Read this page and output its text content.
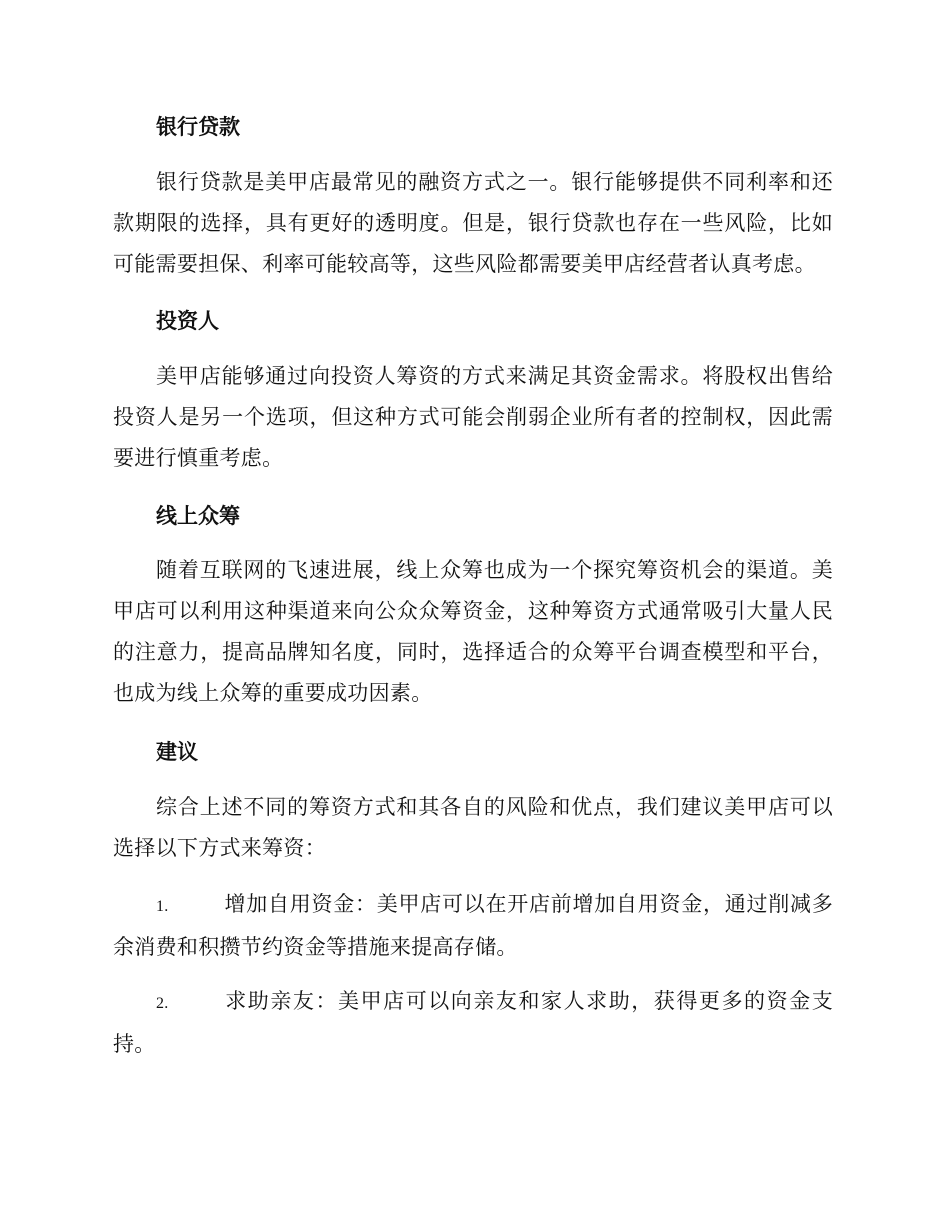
银行贷款

银行贷款是美甲店最常见的融资方式之一。银行能够提供不同利率和还款期限的选择，具有更好的透明度。但是，银行贷款也存在一些风险，比如可能需要担保、利率可能较高等，这些风险都需要美甲店经营者认真考虑。

投资人

美甲店能够通过向投资人筹资的方式来满足其资金需求。将股权出售给投资人是另一个选项，但这种方式可能会削弱企业所有者的控制权，因此需要进行慎重考虑。

线上众筹

随着互联网的飞速进展，线上众筹也成为一个探究筹资机会的渠道。美甲店可以利用这种渠道来向公众众筹资金，这种筹资方式通常吸引大量人民的注意力，提高品牌知名度，同时，选择适合的众筹平台调查模型和平台，也成为线上众筹的重要成功因素。

建议

综合上述不同的筹资方式和其各自的风险和优点，我们建议美甲店可以选择以下方式来筹资：

1.	增加自用资金：美甲店可以在开店前增加自用资金，通过削减多余消费和积攒节约资金等措施来提高存储。

2.	求助亲友：美甲店可以向亲友和家人求助，获得更多的资金支持。
